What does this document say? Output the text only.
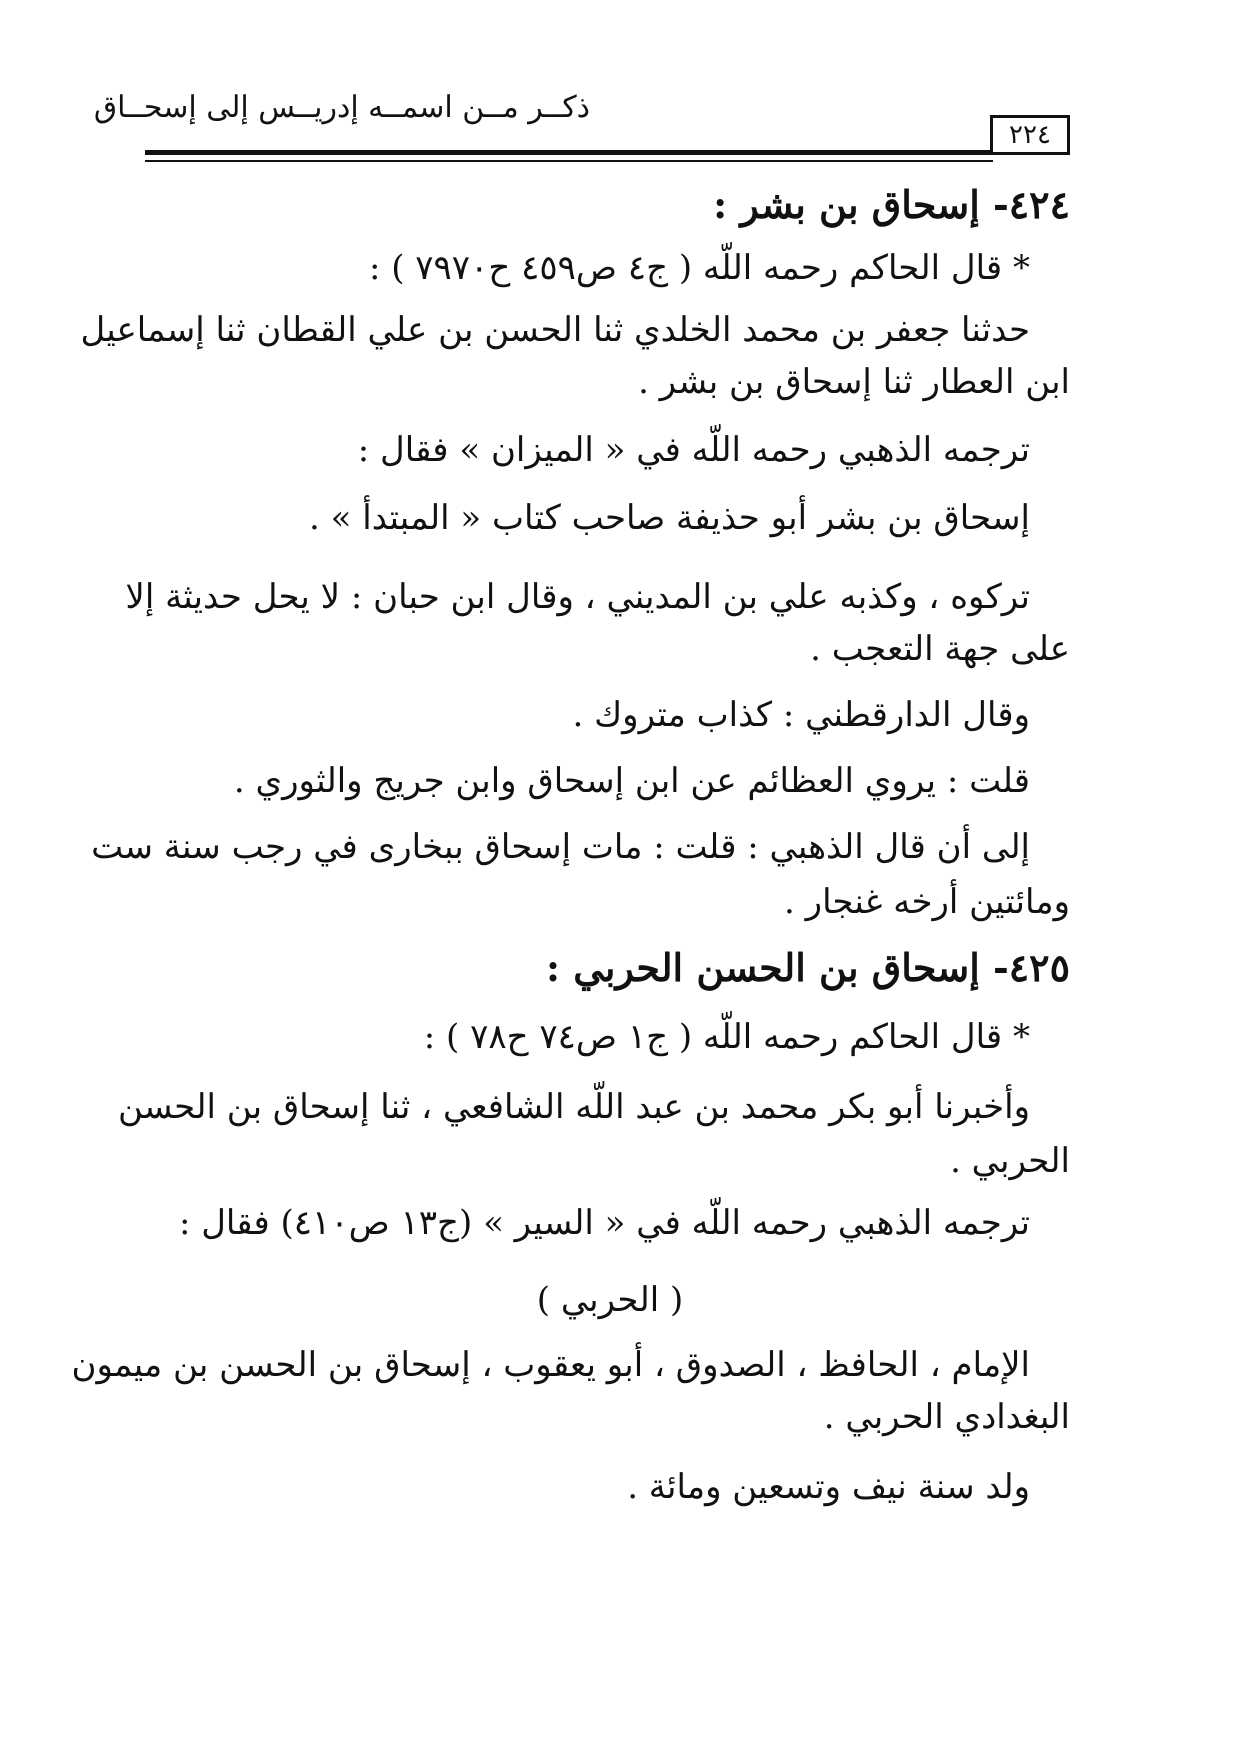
ذكــر مــن اسمــه إدريــس إلى إسحــاق
٢٢٤
٤٢٤- إسحاق بن بشر :
* قال الحاكم رحمه اللّه ( ج٤ ص٤٥٩ ح٧٩٧٠ ) :
حدثنا جعفر بن محمد الخلدي ثنا الحسن بن علي القطان ثنا إسماعيل
ابن العطار ثنا إسحاق بن بشر .
ترجمه الذهبي رحمه اللّه في « الميزان » فقال :
إسحاق بن بشر أبو حذيفة صاحب كتاب « المبتدأ » .
تركوه ، وكذبه علي بن المديني ، وقال ابن حبان : لا يحل حديثة إلا
على جهة التعجب .
وقال الدارقطني : كذاب متروك .
قلت : يروي العظائم عن ابن إسحاق وابن جريج والثوري .
إلى أن قال الذهبي : قلت : مات إسحاق ببخارى في رجب سنة ست
ومائتين أرخه غنجار .
٤٢٥- إسحاق بن الحسن الحربي :
* قال الحاكم رحمه اللّه ( ج١ ص٧٤ ح٧٨ ) :
وأخبرنا أبو بكر محمد بن عبد اللّه الشافعي ، ثنا إسحاق بن الحسن
الحربي .
ترجمه الذهبي رحمه اللّه في « السير » (ج١٣ ص٤١٠) فقال :
( الحربي )
الإمام ، الحافظ ، الصدوق ، أبو يعقوب ، إسحاق بن الحسن بن ميمون
البغدادي الحربي .
ولد سنة نيف وتسعين ومائة .
